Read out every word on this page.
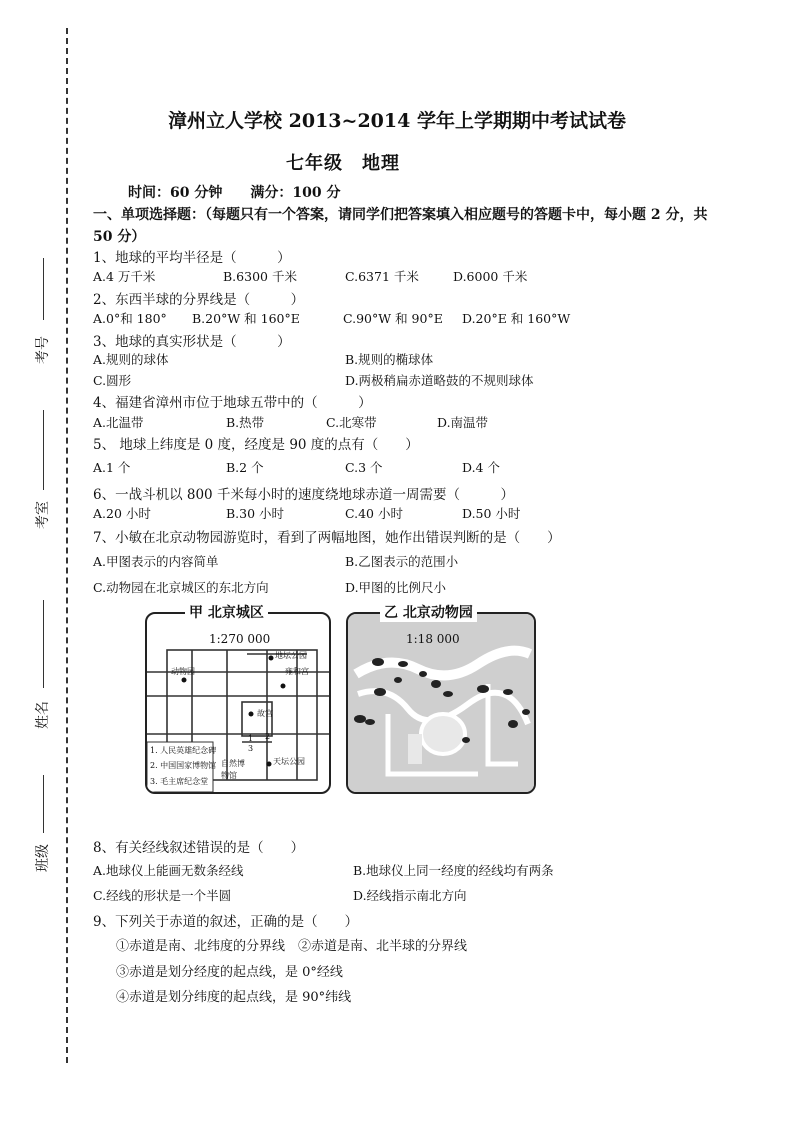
考号
考室
姓名
班级
漳州立人学校 2013~2014 学年上学期期中考试试卷
七年级　地理
时间：60 分钟　　满分：100 分
一、单项选择题：（每题只有一个答案，请同学们把答案填入相应题号的答题卡中，每小题 2 分，共 50 分）
1、地球的平均半径是（　　　）
A.4 万千米	B.6300 千米	C.6371 千米	D.6000 千米
2、东西半球的分界线是（　　　）
A.0°和 180° B.20°W 和 160°E	C.90°W 和 90°E D.20°E 和 160°W
3、地球的真实形状是（　　　）
A.规则的球体	B.规则的椭球体
C.圆形	D.两极稍扁赤道略鼓的不规则球体
4、福建省漳州市位于地球五带中的（　　　）
A.北温带	B.热带	C.北寒带	D.南温带
5、 地球上纬度是 0 度，经度是 90 度的点有（　　）
A.1 个	B.2 个	C.3 个	D.4 个
6、一战斗机以 800 千米每小时的速度绕地球赤道一周需要（　　　）
A.20 小时	B.30 小时	C.40 小时	D.50 小时
7、小敏在北京动物园游览时，看到了两幅地图，她作出错误判断的是（　　）
A.甲图表示的内容简单	B.乙图表示的范围小
C.动物园在北京城区的东北方向	D.甲图的比例尺小
1:270 000
地坛公园
雍和宫
动物园
故宫
2
1
3
自然博
物馆
天坛公园
1. 人民英雄纪念碑
2. 中国国家博物馆
3. 毛主席纪念堂
甲 北京城区
1:18 000
乙 北京动物园
8、有关经线叙述错误的是（　　）
A.地球仪上能画无数条经线	B.地球仪上同一经度的经线均有两条
C.经线的形状是一个半圆	D.经线指示南北方向
9、下列关于赤道的叙述，正确的是（　　）
①赤道是南、北纬度的分界线　②赤道是南、北半球的分界线
③赤道是划分经度的起点线，是 0°经线
④赤道是划分纬度的起点线，是 90°纬线
